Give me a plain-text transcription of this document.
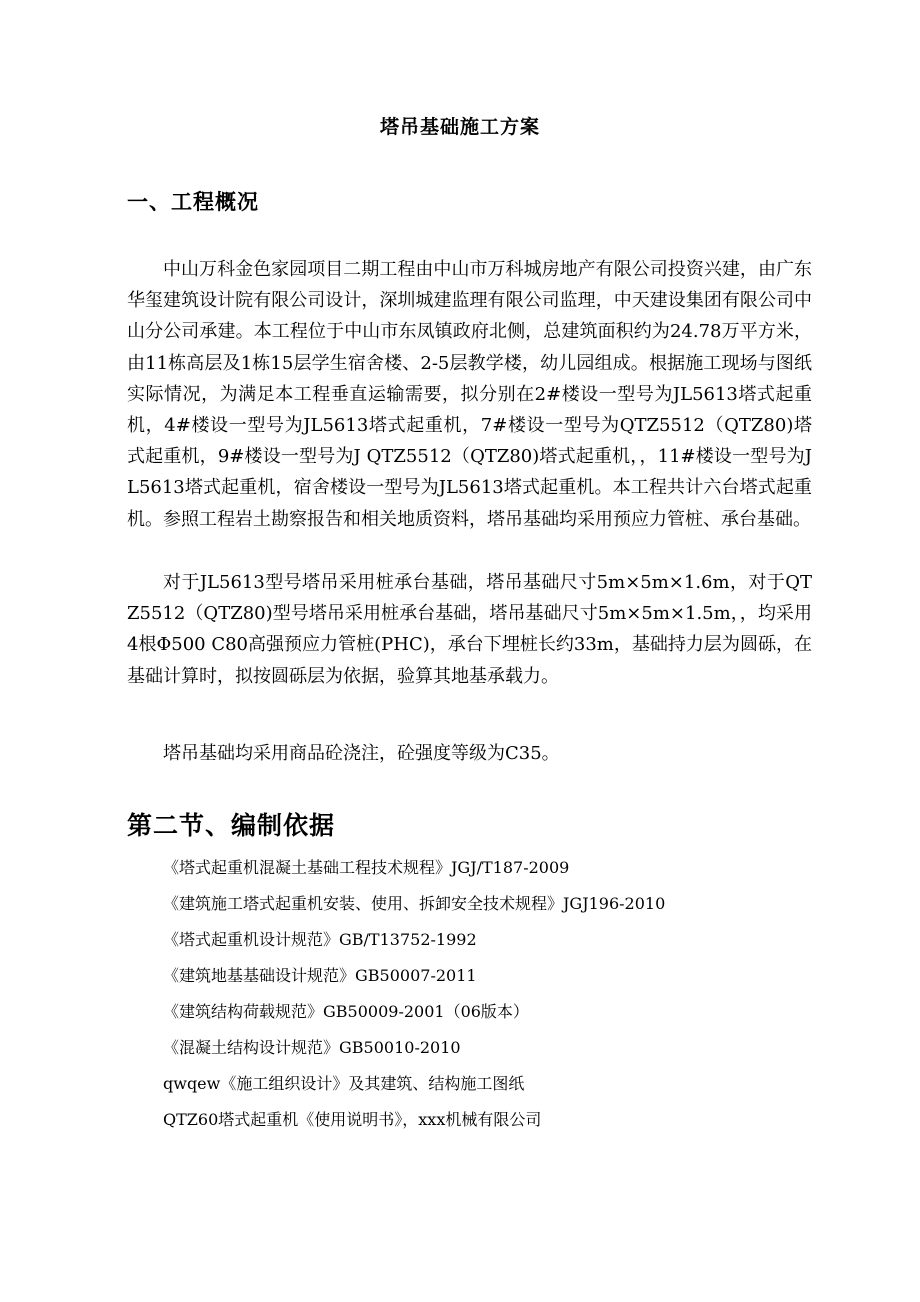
塔吊基础施工方案
一、工程概况

中山万科金色家园项目二期工程由中山市万科城房地产有限公司投资兴建，由广东华玺建筑设计院有限公司设计，深圳城建监理有限公司监理，中天建设集团有限公司中山分公司承建。本工程位于中山市东凤镇政府北侧，总建筑面积约为24.78万平方米，由11栋高层及1栋15层学生宿舍楼、2-5层教学楼，幼儿园组成。根据施工现场与图纸实际情况，为满足本工程垂直运输需要，拟分别在2#楼设一型号为JL5613塔式起重机，4#楼设一型号为JL5613塔式起重机，7#楼设一型号为QTZ5512（QTZ80)塔式起重机，9#楼设一型号为J QTZ5512（QTZ80)塔式起重机，，11#楼设一型号为JL5613塔式起重机，宿舍楼设一型号为JL5613塔式起重机。本工程共计六台塔式起重机。参照工程岩土勘察报告和相关地质资料，塔吊基础均采用预应力管桩、承台基础。

对于JL5613型号塔吊采用桩承台基础，塔吊基础尺寸5m×5m×1.6m，对于QTZ5512（QTZ80)型号塔吊采用桩承台基础，塔吊基础尺寸5m×5m×1.5m，，均采用4根Φ500 C80高强预应力管桩(PHC)，承台下埋桩长约33m，基础持力层为圆砾，在基础计算时，拟按圆砾层为依据，验算其地基承载力。

塔吊基础均采用商品砼浇注，砼强度等级为C35。

第二节、编制依据
《塔式起重机混凝土基础工程技术规程》JGJ/T187-2009
《建筑施工塔式起重机安装、使用、拆卸安全技术规程》JGJ196-2010
《塔式起重机设计规范》GB/T13752-1992
《建筑地基基础设计规范》GB50007-2011
《建筑结构荷载规范》GB50009-2001（06版本）
《混凝土结构设计规范》GB50010-2010
qwqew《施工组织设计》及其建筑、结构施工图纸
QTZ60塔式起重机《使用说明书》，xxx机械有限公司
